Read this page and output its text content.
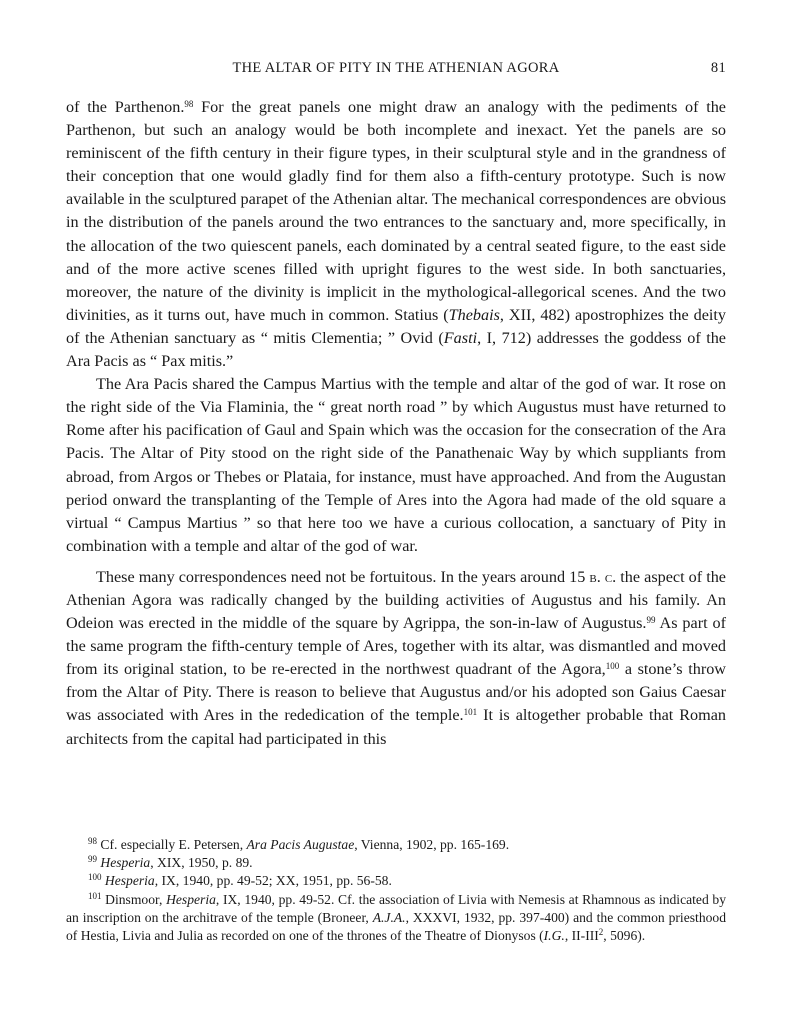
THE ALTAR OF PITY IN THE ATHENIAN AGORA	81

of the Parthenon.$^{98}$ For the great panels one might draw an analogy with the pediments of the Parthenon, but such an analogy would be both incomplete and inexact. Yet the panels are so reminiscent of the fifth century in their figure types, in their sculptural style and in the grandness of their conception that one would gladly find for them also a fifth-century prototype. Such is now available in the sculptured parapet of the Athenian altar. The mechanical correspondences are obvious in the distribution of the panels around the two entrances to the sanctuary and, more specifically, in the allocation of the two quiescent panels, each dominated by a central seated figure, to the east side and of the more active scenes filled with upright figures to the west side. In both sanctuaries, moreover, the nature of the divinity is implicit in the mythological-allegorical scenes. And the two divinities, as it turns out, have much in common. Statius (Thebais, XII, 482) apostrophizes the deity of the Athenian sanctuary as “ mitis Clementia; ” Ovid (Fasti, I, 712) addresses the goddess of the Ara Pacis as “ Pax mitis.”

The Ara Pacis shared the Campus Martius with the temple and altar of the god of war. It rose on the right side of the Via Flaminia, the “ great north road ” by which Augustus must have returned to Rome after his pacification of Gaul and Spain which was the occasion for the consecration of the Ara Pacis. The Altar of Pity stood on the right side of the Panathenaic Way by which suppliants from abroad, from Argos or Thebes or Plataia, for instance, must have approached. And from the Augustan period onward the transplanting of the Temple of Ares into the Agora had made of the old square a virtual “ Campus Martius ” so that here too we have a curious collocation, a sanctuary of Pity in combination with a temple and altar of the god of war.

These many correspondences need not be fortuitous. In the years around 15 b. c. the aspect of the Athenian Agora was radically changed by the building activities of Augustus and his family. An Odeion was erected in the middle of the square by Agrippa, the son-in-law of Augustus.$^{99}$ As part of the same program the fifth-century temple of Ares, together with its altar, was dismantled and moved from its original station, to be re-erected in the northwest quadrant of the Agora,$^{100}$ a stone’s throw from the Altar of Pity. There is reason to believe that Augustus and/or his adopted son Gaius Caesar was associated with Ares in the rededication of the temple.$^{101}$ It is altogether probable that Roman architects from the capital had participated in this

$^{98}$ Cf. especially E. Petersen, Ara Pacis Augustae, Vienna, 1902, pp. 165-169.

$^{99}$ Hesperia, XIX, 1950, p. 89.

$^{100}$ Hesperia, IX, 1940, pp. 49-52; XX, 1951, pp. 56-58.

$^{101}$ Dinsmoor, Hesperia, IX, 1940, pp. 49-52. Cf. the association of Livia with Nemesis at Rhamnous as indicated by an inscription on the architrave of the temple (Broneer, A.J.A., XXXVI, 1932, pp. 397-400) and the common priesthood of Hestia, Livia and Julia as recorded on one of the thrones of the Theatre of Dionysos (I.G., II-III$^2$, 5096).
